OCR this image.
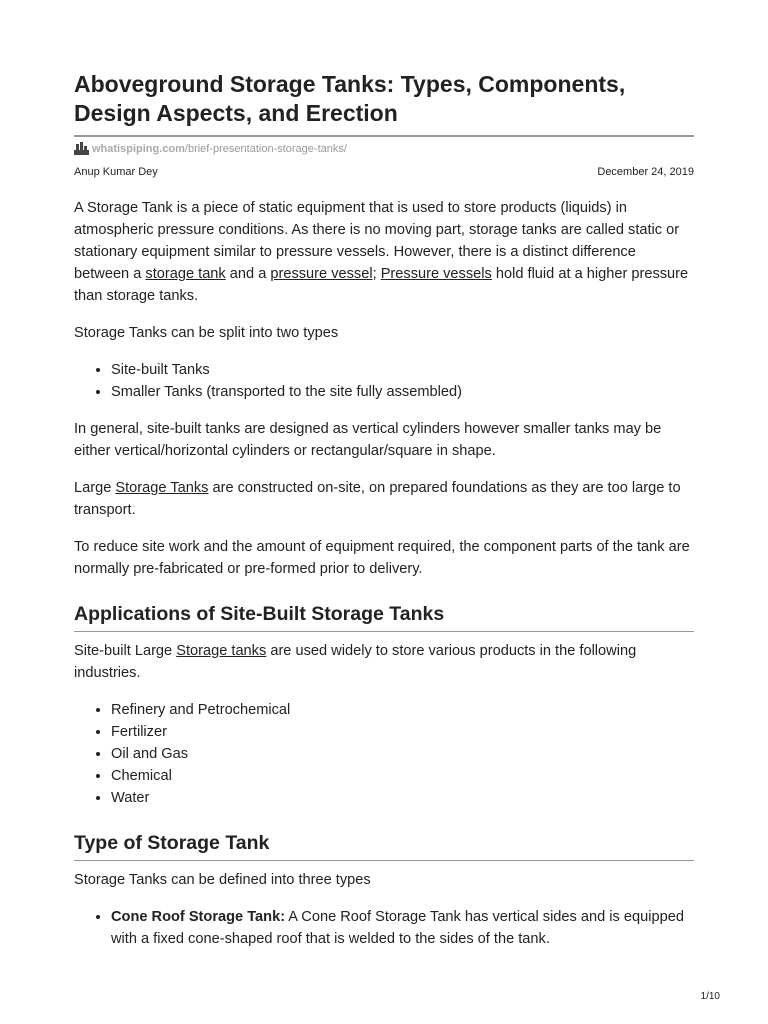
Aboveground Storage Tanks: Types, Components, Design Aspects, and Erection
whatispiping.com /brief-presentation-storage-tanks/
Anup Kumar Dey	December 24, 2019

A Storage Tank is a piece of static equipment that is used to store products (liquids) in atmospheric pressure conditions. As there is no moving part, storage tanks are called static or stationary equipment similar to pressure vessels. However, there is a distinct difference between a storage tank and a pressure vessel; Pressure vessels hold fluid at a higher pressure than storage tanks.

Storage Tanks can be split into two types

• Site-built Tanks
• Smaller Tanks (transported to the site fully assembled)

In general, site-built tanks are designed as vertical cylinders however smaller tanks may be either vertical/horizontal cylinders or rectangular/square in shape.

Large Storage Tanks are constructed on-site, on prepared foundations as they are too large to transport.

To reduce site work and the amount of equipment required, the component parts of the tank are normally pre-fabricated or pre-formed prior to delivery.

Applications of Site-Built Storage Tanks

Site-built Large Storage tanks are used widely to store various products in the following industries.

• Refinery and Petrochemical
• Fertilizer
• Oil and Gas
• Chemical
• Water
Type of Storage Tank

Storage Tanks can be defined into three types

• Cone Roof Storage Tank: A Cone Roof Storage Tank has vertical sides and is equipped with a fixed cone-shaped roof that is welded to the sides of the tank.
1/10
